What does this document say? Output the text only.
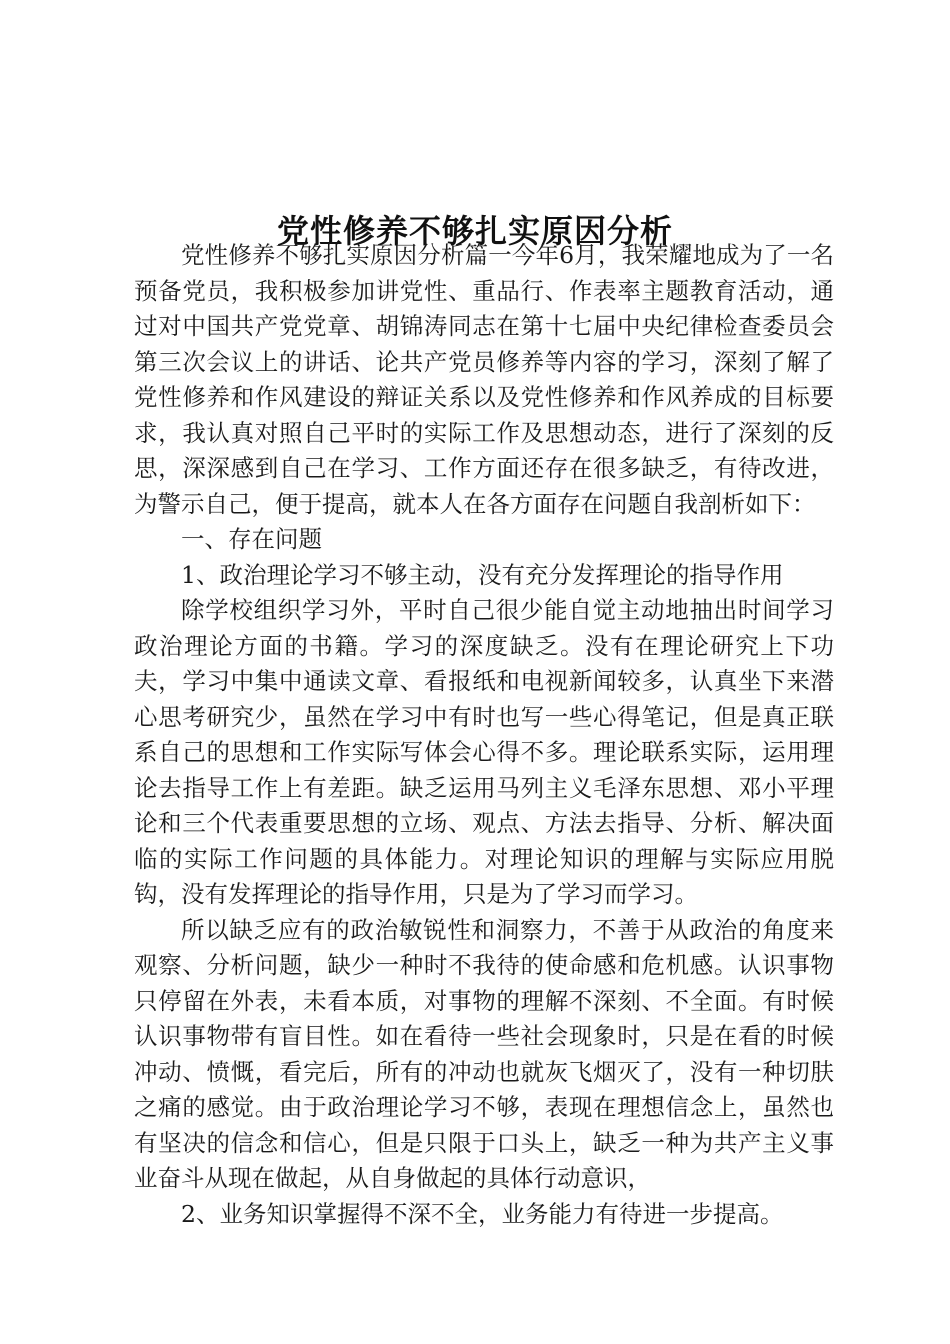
党性修养不够扎实原因分析

党性修养不够扎实原因分析篇一今年6月，我荣耀地成为了一名预备党员，我积极参加讲党性、重品行、作表率主题教育活动，通过对中国共产党党章、胡锦涛同志在第十七届中央纪律检查委员会第三次会议上的讲话、论共产党员修养等内容的学习，深刻了解了党性修养和作风建设的辩证关系以及党性修养和作风养成的目标要求，我认真对照自己平时的实际工作及思想动态，进行了深刻的反思，深深感到自己在学习、工作方面还存在很多缺乏，有待改进，为警示自己，便于提高，就本人在各方面存在问题自我剖析如下：

一、存在问题

1、政治理论学习不够主动，没有充分发挥理论的指导作用

除学校组织学习外，平时自己很少能自觉主动地抽出时间学习政治理论方面的书籍。学习的深度缺乏。没有在理论研究上下功夫，学习中集中通读文章、看报纸和电视新闻较多，认真坐下来潜心思考研究少，虽然在学习中有时也写一些心得笔记，但是真正联系自己的思想和工作实际写体会心得不多。理论联系实际，运用理论去指导工作上有差距。缺乏运用马列主义毛泽东思想、邓小平理论和三个代表重要思想的立场、观点、方法去指导、分析、解决面临的实际工作问题的具体能力。对理论知识的理解与实际应用脱钩，没有发挥理论的指导作用，只是为了学习而学习。

所以缺乏应有的政治敏锐性和洞察力，不善于从政治的角度来观察、分析问题，缺少一种时不我待的使命感和危机感。认识事物只停留在外表，未看本质，对事物的理解不深刻、不全面。有时候认识事物带有盲目性。如在看待一些社会现象时，只是在看的时候冲动、愤慨，看完后，所有的冲动也就灰飞烟灭了，没有一种切肤之痛的感觉。由于政治理论学习不够，表现在理想信念上，虽然也有坚决的信念和信心，但是只限于口头上，缺乏一种为共产主义事业奋斗从现在做起，从自身做起的具体行动意识，

2、业务知识掌握得不深不全，业务能力有待进一步提高。
